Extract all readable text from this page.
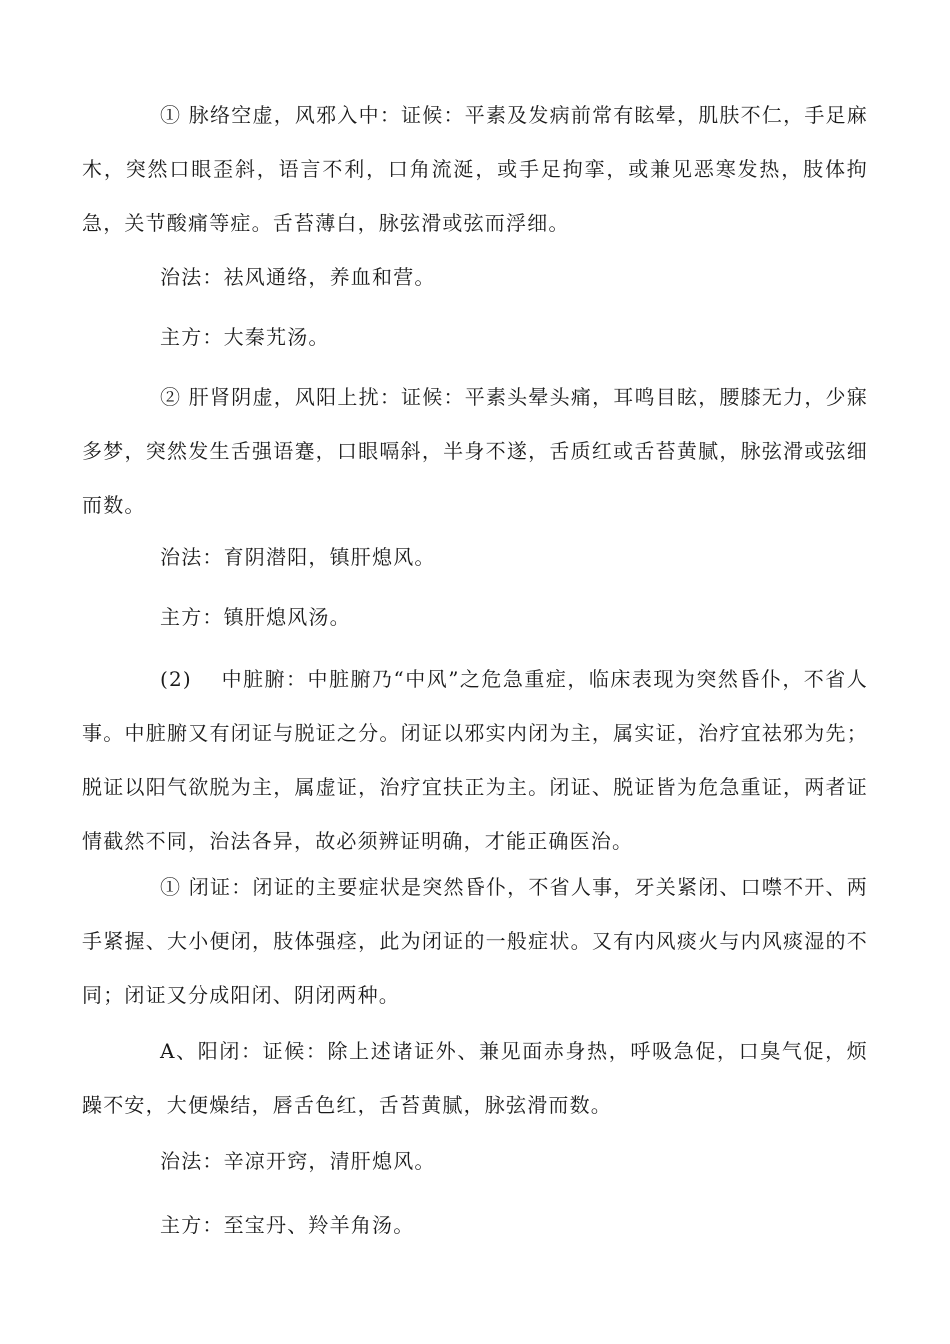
① 脉络空虚，风邪入中：证候：平素及发病前常有眩晕，肌肤不仁，手足麻木，突然口眼歪斜，语言不利，口角流涎，或手足拘挛，或兼见恶寒发热，肢体拘急，关节酸痛等症。舌苔薄白，脉弦滑或弦而浮细。

治法：祛风通络，养血和营。

主方：大秦艽汤。

② 肝肾阴虚，风阳上扰：证候：平素头晕头痛，耳鸣目眩，腰膝无力，少寐多梦，突然发生舌强语蹇，口眼嗝斜，半身不遂，舌质红或舌苔黄腻，脉弦滑或弦细而数。

治法：育阴潜阳，镇肝熄风。

主方：镇肝熄风汤。

(2)　 中脏腑：中脏腑乃“中风”之危急重症，临床表现为突然昏仆，不省人事。中脏腑又有闭证与脱证之分。闭证以邪实内闭为主，属实证，治疗宜祛邪为先；脱证以阳气欲脱为主，属虚证，治疗宜扶正为主。闭证、脱证皆为危急重证，两者证情截然不同，治法各异，故必须辨证明确，才能正确医治。

① 闭证：闭证的主要症状是突然昏仆，不省人事，牙关紧闭、口噤不开、两手紧握、大小便闭，肢体强痉，此为闭证的一般症状。又有内风痰火与内风痰湿的不同；闭证又分成阳闭、阴闭两种。

A、阳闭：证候：除上述诸证外、兼见面赤身热，呼吸急促，口臭气促，烦躁不安，大便燥结，唇舌色红，舌苔黄腻，脉弦滑而数。

治法：辛凉开窍，清肝熄风。

主方：至宝丹、羚羊角汤。
